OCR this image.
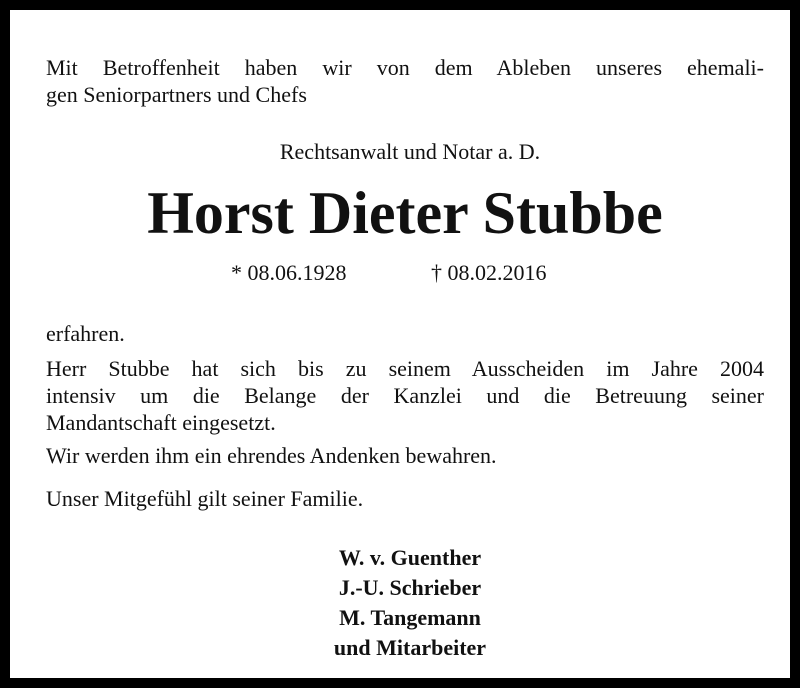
Mit Betroffenheit haben wir von dem Ableben unseres ehemali-
gen Seniorpartners und Chefs
Rechtsanwalt und Notar a. D.
Horst Dieter Stubbe
* 08.06.1928	† 08.02.2016
erfahren.
Herr Stubbe hat sich bis zu seinem Ausscheiden im Jahre 2004
intensiv um die Belange der Kanzlei und die Betreuung seiner
Mandantschaft eingesetzt.
Wir werden ihm ein ehrendes Andenken bewahren.
Unser Mitgefühl gilt seiner Familie.
W. v. Guenther
J.-U. Schrieber
M. Tangemann
und Mitarbeiter
